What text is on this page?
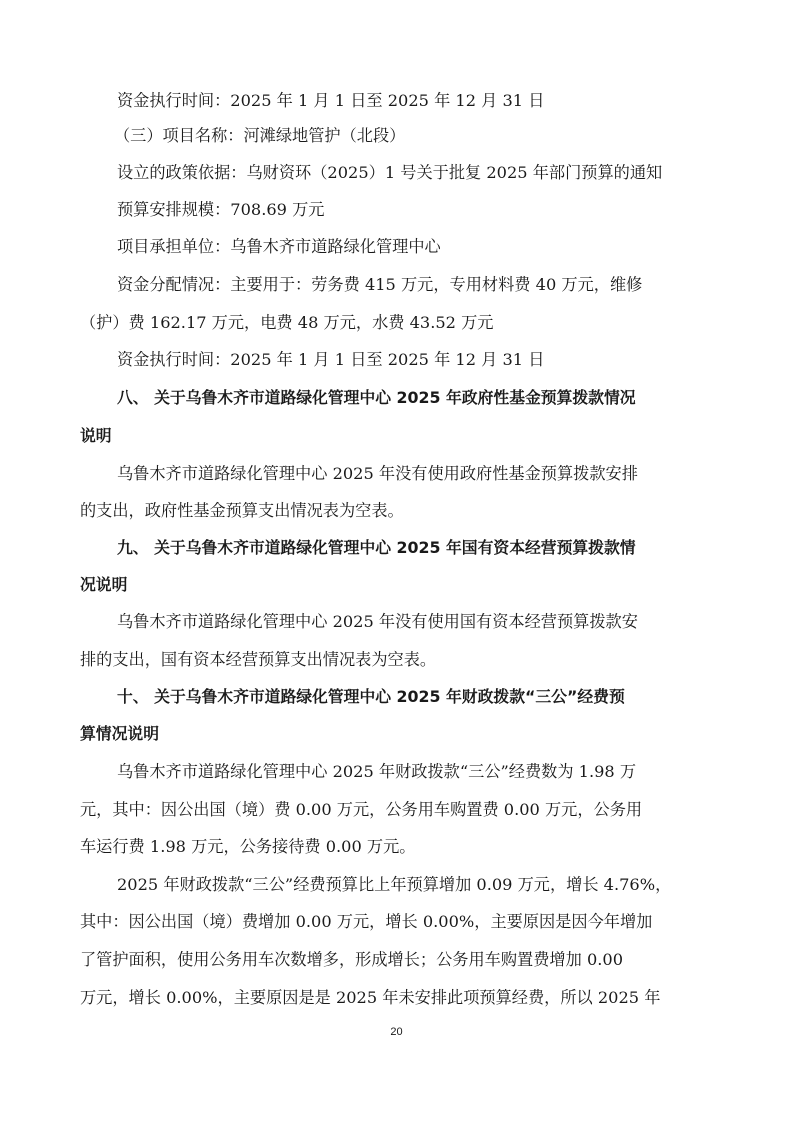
资金执行时间：2025 年 1 月 1 日至 2025 年 12 月 31 日
（三）项目名称：河滩绿地管护（北段）
设立的政策依据：乌财资环（2025）1 号关于批复 2025 年部门预算的通知
预算安排规模：708.69 万元
项目承担单位：乌鲁木齐市道路绿化管理中心
资金分配情况：主要用于：劳务费 415 万元，专用材料费 40 万元，维修
（护）费 162.17 万元，电费 48 万元，水费 43.52 万元
资金执行时间：2025 年 1 月 1 日至 2025 年 12 月 31 日
八、 关于乌鲁木齐市道路绿化管理中心 2025 年政府性基金预算拨款情况
说明
乌鲁木齐市道路绿化管理中心 2025 年没有使用政府性基金预算拨款安排
的支出，政府性基金预算支出情况表为空表。
九、 关于乌鲁木齐市道路绿化管理中心 2025 年国有资本经营预算拨款情
况说明
乌鲁木齐市道路绿化管理中心 2025 年没有使用国有资本经营预算拨款安
排的支出，国有资本经营预算支出情况表为空表。
十、 关于乌鲁木齐市道路绿化管理中心 2025 年财政拨款“三公”经费预
算情况说明
乌鲁木齐市道路绿化管理中心 2025 年财政拨款“三公”经费数为 1.98 万
元，其中：因公出国（境）费 0.00 万元，公务用车购置费 0.00 万元，公务用
车运行费 1.98 万元，公务接待费 0.00 万元。
2025 年财政拨款“三公”经费预算比上年预算增加 0.09 万元，增长 4.76%，
其中：因公出国（境）费增加 0.00 万元，增长 0.00%，主要原因是因今年增加
了管护面积，使用公务用车次数增多，形成增长；公务用车购置费增加 0.00
万元，增长 0.00%，主要原因是是 2025 年未安排此项预算经费，所以 2025 年
20
